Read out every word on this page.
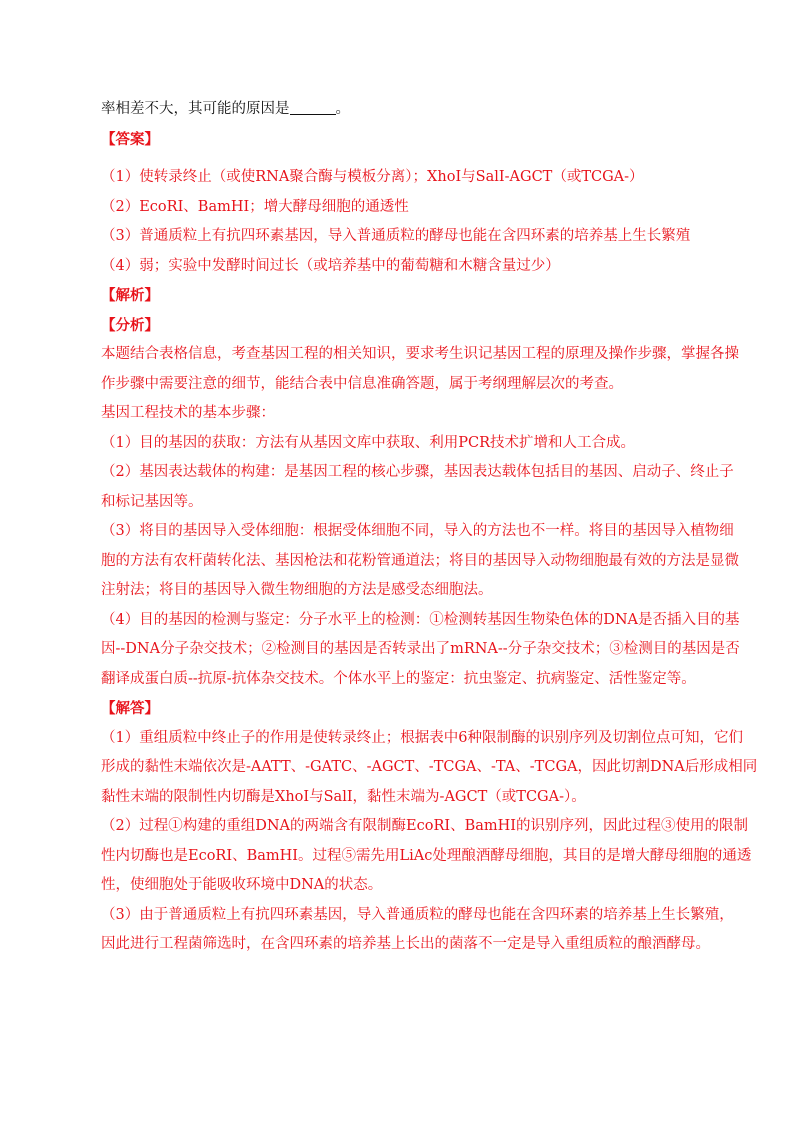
率相差不大，其可能的原因是	。

【答案】

（1）使转录终止（或使RNA聚合酶与模板分离）；XhoI与SalI-AGCT（或TCGA-）

（2）EcoRI、BamHI；增大酵母细胞的通透性

（3）普通质粒上有抗四环素基因，导入普通质粒的酵母也能在含四环素的培养基上生长繁殖

（4）弱；实验中发酵时间过长（或培养基中的葡萄糖和木糖含量过少）

【解析】

【分析】

本题结合表格信息，考查基因工程的相关知识，要求考生识记基因工程的原理及操作步骤，掌握各操

作步骤中需要注意的细节，能结合表中信息准确答题，属于考纲理解层次的考查。

基因工程技术的基本步骤：

（1）目的基因的获取：方法有从基因文库中获取、利用PCR技术扩增和人工合成。

（2）基因表达载体的构建：是基因工程的核心步骤，基因表达载体包括目的基因、启动子、终止子

和标记基因等。

（3）将目的基因导入受体细胞：根据受体细胞不同，导入的方法也不一样。将目的基因导入植物细

胞的方法有农杆菌转化法、基因枪法和花粉管通道法；将目的基因导入动物细胞最有效的方法是显微

注射法；将目的基因导入微生物细胞的方法是感受态细胞法。

（4）目的基因的检测与鉴定：分子水平上的检测：①检测转基因生物染色体的DNA是否插入目的基

因--DNA分子杂交技术；②检测目的基因是否转录出了mRNA--分子杂交技术；③检测目的基因是否

翻译成蛋白质--抗原-抗体杂交技术。个体水平上的鉴定：抗虫鉴定、抗病鉴定、活性鉴定等。

【解答】

（1）重组质粒中终止子的作用是使转录终止；根据表中6种限制酶的识别序列及切割位点可知，它们

形成的黏性末端依次是-AATT、-GATC、-AGCT、-TCGA、-TA、-TCGA，因此切割DNA后形成相同

黏性末端的限制性内切酶是XhoI与SalI，黏性末端为-AGCT（或TCGA-）。

（2）过程①构建的重组DNA的两端含有限制酶EcoRI、BamHI的识别序列，因此过程③使用的限制

性内切酶也是EcoRI、BamHI。过程⑤需先用LiAc处理酿酒酵母细胞，其目的是增大酵母细胞的通透

性，使细胞处于能吸收环境中DNA的状态。

（3）由于普通质粒上有抗四环素基因，导入普通质粒的酵母也能在含四环素的培养基上生长繁殖，

因此进行工程菌筛选时，在含四环素的培养基上长出的菌落不一定是导入重组质粒的酿酒酵母。
